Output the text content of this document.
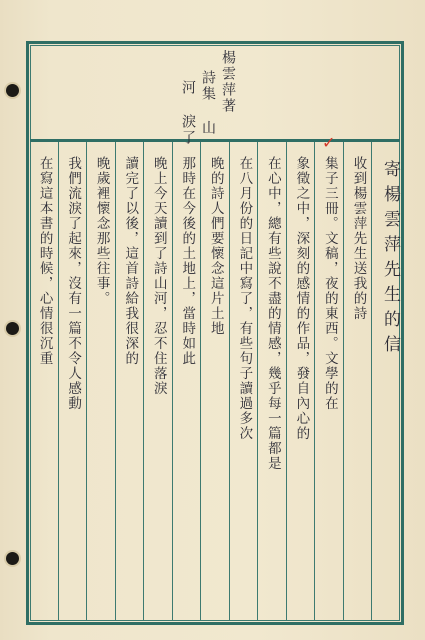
楊雲萍著
詩集 山
河 淚了	✓
收到楊雲萍先生送我的詩
集子三冊。文稿，夜的東西。文學的在
象徵之中，深刻的感情的作品，發自內心的
在心中，總有些說不盡的情感，幾乎每一篇都是
在八月份的日記中寫了，有些句子讀過多次
晚的詩人們要懷念這片土地
那時在今後的土地上，當時如此
晚上今天讀到了詩山河，忍不住落淚
讀完了以後，這首詩給我很深的
晚歲裡懷念那些往事。
我們流淚了起來，沒有一篇不令人感動
在寫這本書的時候，心情很沉重	寄楊雲萍先生的信
